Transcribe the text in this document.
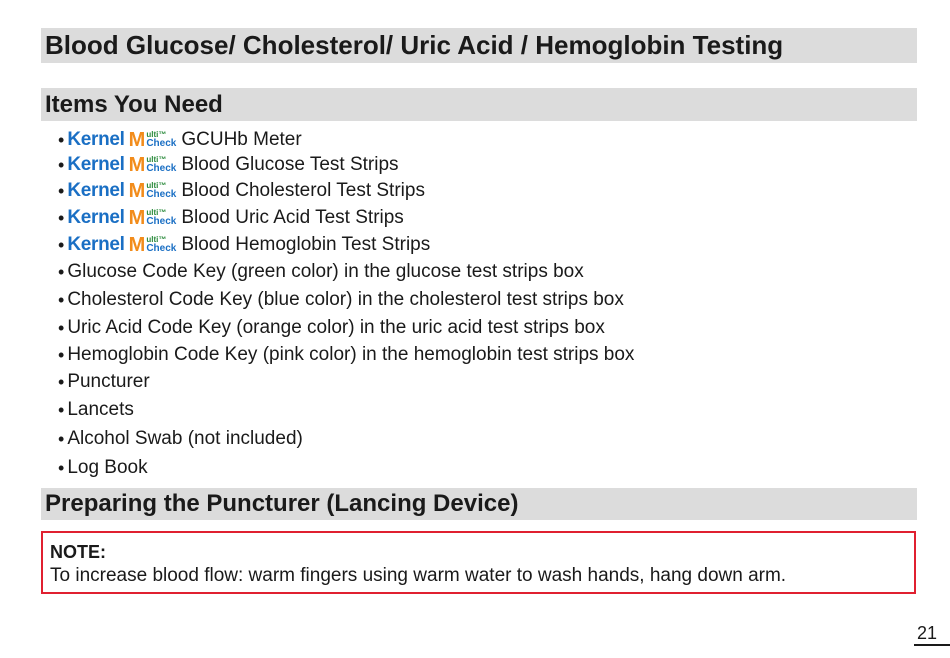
Blood Glucose/ Cholesterol/ Uric Acid / Hemoglobin Testing
Items You Need
• Kernel M ulti™
Check GCUHb Meter
• Kernel M ulti™
Check Blood Glucose Test Strips
• Kernel M ulti™
Check Blood Cholesterol Test Strips
• Kernel M ulti™
Check Blood Uric Acid Test Strips
• Kernel M ulti™
Check Blood Hemoglobin Test Strips
• Glucose Code Key (green color) in the glucose test strips box
• Cholesterol Code Key (blue color) in the cholesterol test strips box
• Uric Acid Code Key (orange color) in the uric acid test strips box
• Hemoglobin Code Key (pink color) in the hemoglobin test strips box
• Puncturer
• Lancets
• Alcohol Swab (not included)
• Log Book
Preparing the Puncturer (Lancing Device)
NOTE:
To increase blood flow: warm fingers using warm water to wash hands, hang down arm.
21
